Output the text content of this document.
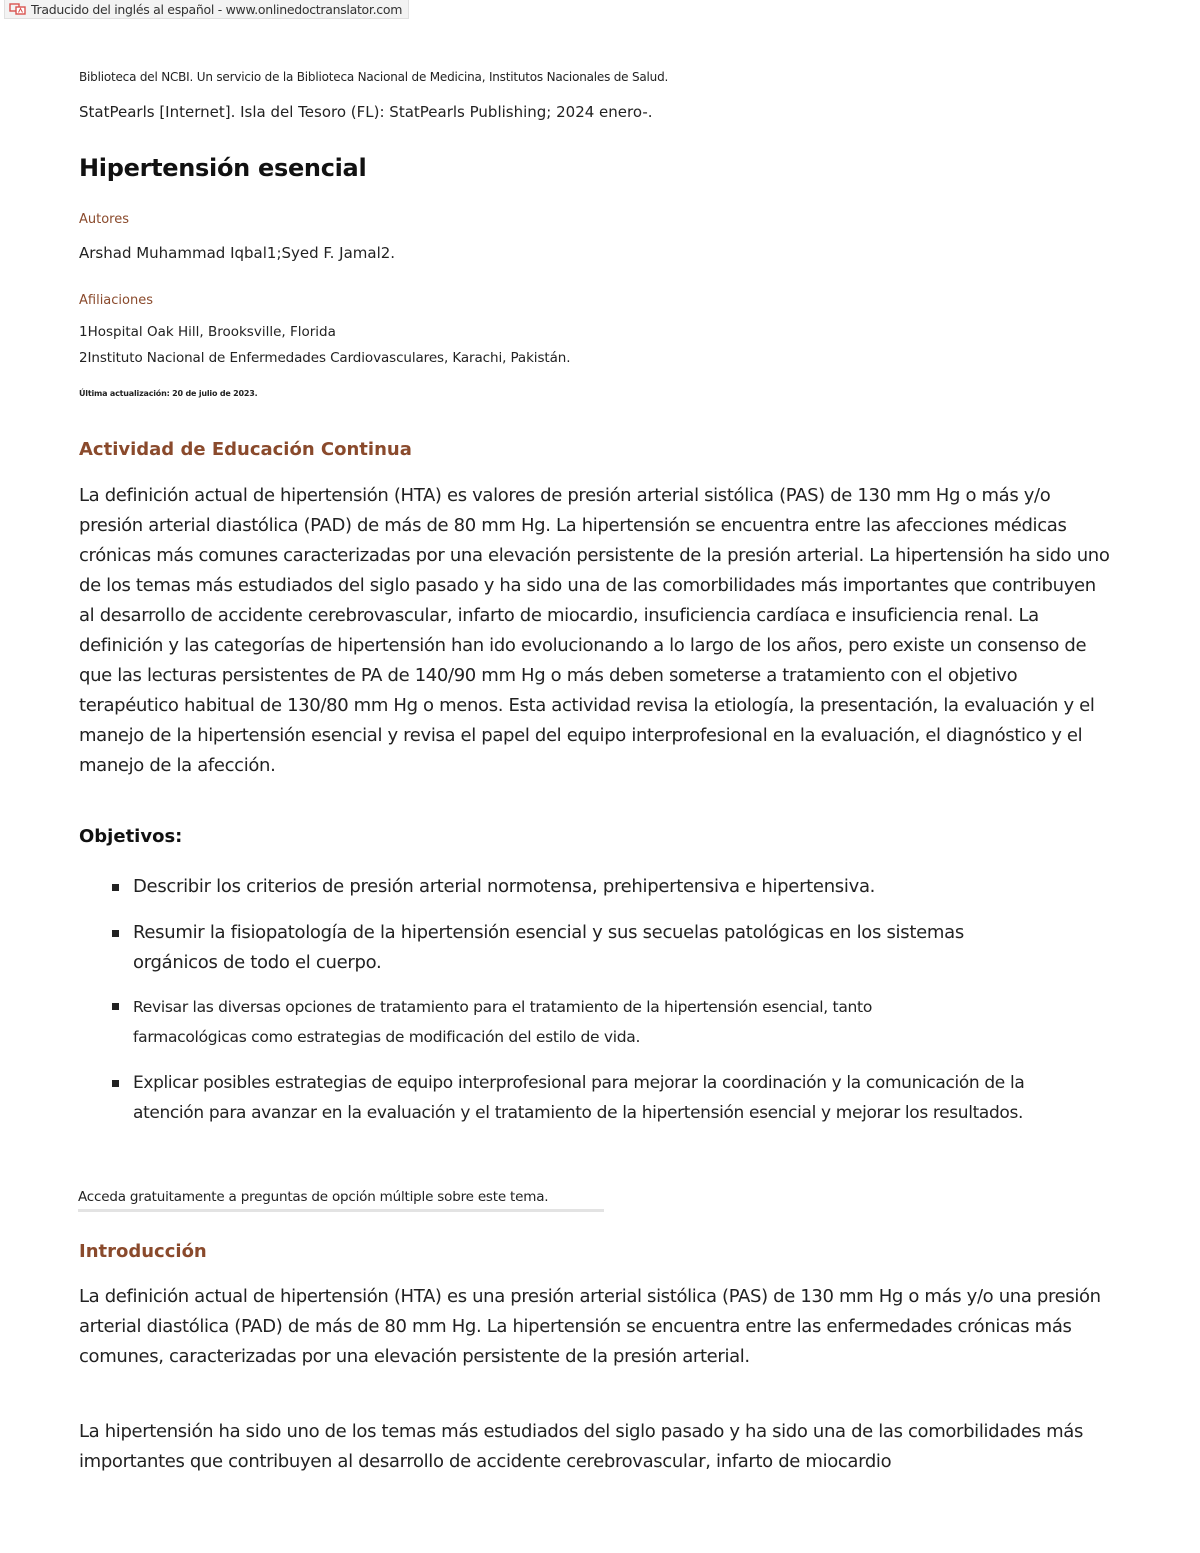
Traducido del inglés al español - www.onlinedoctranslator.com
Biblioteca del NCBI. Un servicio de la Biblioteca Nacional de Medicina, Institutos Nacionales de Salud.
StatPearls [Internet]. Isla del Tesoro (FL): StatPearls Publishing; 2024 enero-.
Hipertensión esencial
Autores
Arshad Muhammad Iqbal1;Syed F. Jamal2.
Afiliaciones
1Hospital Oak Hill, Brooksville, Florida
2Instituto Nacional de Enfermedades Cardiovasculares, Karachi, Pakistán.
Última actualización: 20 de julio de 2023.
Actividad de Educación Continua
La definición actual de hipertensión (HTA) es valores de presión arterial sistólica (PAS) de 130 mm Hg o más y/o presión arterial diastólica (PAD) de más de 80 mm Hg. La hipertensión se encuentra entre las afecciones médicas crónicas más comunes caracterizadas por una elevación persistente de la presión arterial. La hipertensión ha sido uno de los temas más estudiados del siglo pasado y ha sido una de las comorbilidades más importantes que contribuyen al desarrollo de accidente cerebrovascular, infarto de miocardio, insuficiencia cardíaca e insuficiencia renal. La definición y las categorías de hipertensión han ido evolucionando a lo largo de los años, pero existe un consenso de que las lecturas persistentes de PA de 140/90 mm Hg o más deben someterse a tratamiento con el objetivo terapéutico habitual de 130/80 mm Hg o menos. Esta actividad revisa la etiología, la presentación, la evaluación y el manejo de la hipertensión esencial y revisa el papel del equipo interprofesional en la evaluación, el diagnóstico y el manejo de la afección.
Objetivos:
Describir los criterios de presión arterial normotensa, prehipertensiva e hipertensiva.
Resumir la fisiopatología de la hipertensión esencial y sus secuelas patológicas en los sistemas orgánicos de todo el cuerpo.
Revisar las diversas opciones de tratamiento para el tratamiento de la hipertensión esencial, tanto farmacológicas como estrategias de modificación del estilo de vida.
Explicar posibles estrategias de equipo interprofesional para mejorar la coordinación y la comunicación de la atención para avanzar en la evaluación y el tratamiento de la hipertensión esencial y mejorar los resultados.
Acceda gratuitamente a preguntas de opción múltiple sobre este tema.
Introducción
La definición actual de hipertensión (HTA) es una presión arterial sistólica (PAS) de 130 mm Hg o más y/o una presión arterial diastólica (PAD) de más de 80 mm Hg. La hipertensión se encuentra entre las enfermedades crónicas más comunes, caracterizadas por una elevación persistente de la presión arterial.
La hipertensión ha sido uno de los temas más estudiados del siglo pasado y ha sido una de las comorbilidades más importantes que contribuyen al desarrollo de accidente cerebrovascular, infarto de miocardio
